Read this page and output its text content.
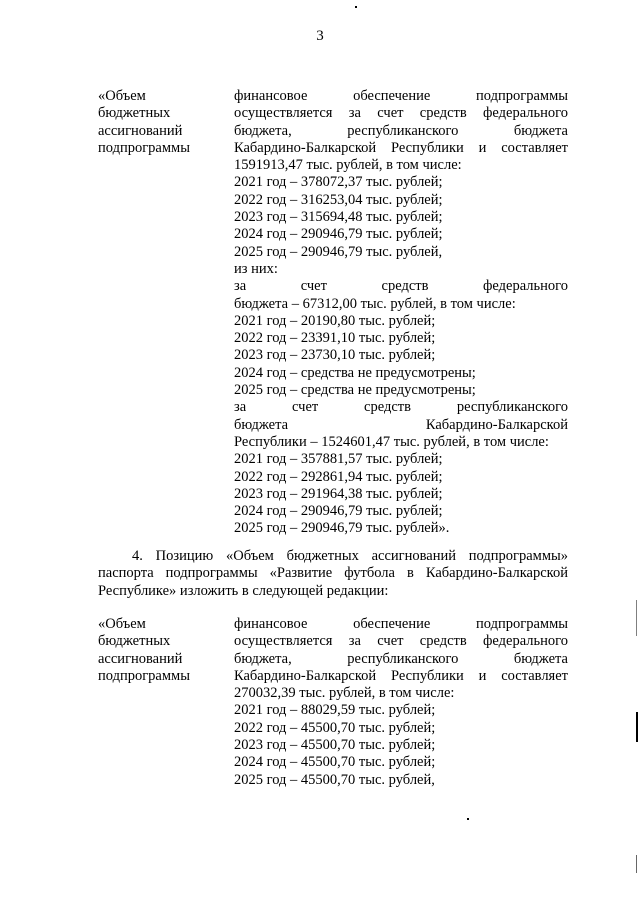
3
«Объем
бюджетных
ассигнований
подпрограммы
финансовое обеспечение подпрограммы
осуществляется за счет средств федерального
бюджета, республиканского бюджета
Кабардино-Балкарской Республики и составляет
1591913,47 тыс. рублей, в том числе:
2021 год – 378072,37 тыс. рублей;
2022 год – 316253,04 тыс. рублей;
2023 год – 315694,48 тыс. рублей;
2024 год – 290946,79 тыс. рублей;
2025 год – 290946,79 тыс. рублей,
из них:
за счет средств федерального
бюджета – 67312,00 тыс. рублей, в том числе:
2021 год – 20190,80 тыс. рублей;
2022 год – 23391,10 тыс. рублей;
2023 год – 23730,10 тыс. рублей;
2024 год – средства не предусмотрены;
2025 год – средства не предусмотрены;
за счет средств республиканского
бюджета Кабардино-Балкарской
Республики – 1524601,47 тыс. рублей, в том числе:
2021 год – 357881,57 тыс. рублей;
2022 год – 292861,94 тыс. рублей;
2023 год – 291964,38 тыс. рублей;
2024 год – 290946,79 тыс. рублей;
2025 год – 290946,79 тыс. рублей».
4. Позицию «Объем бюджетных ассигнований подпрограммы» паспорта подпрограммы «Развитие футбола в Кабардино-Балкарской Республике» изложить в следующей редакции:
«Объем
бюджетных
ассигнований
подпрограммы
финансовое обеспечение подпрограммы
осуществляется за счет средств федерального
бюджета, республиканского бюджета
Кабардино-Балкарской Республики и составляет
270032,39 тыс. рублей, в том числе:
2021 год – 88029,59 тыс. рублей;
2022 год – 45500,70 тыс. рублей;
2023 год – 45500,70 тыс. рублей;
2024 год – 45500,70 тыс. рублей;
2025 год – 45500,70 тыс. рублей,
